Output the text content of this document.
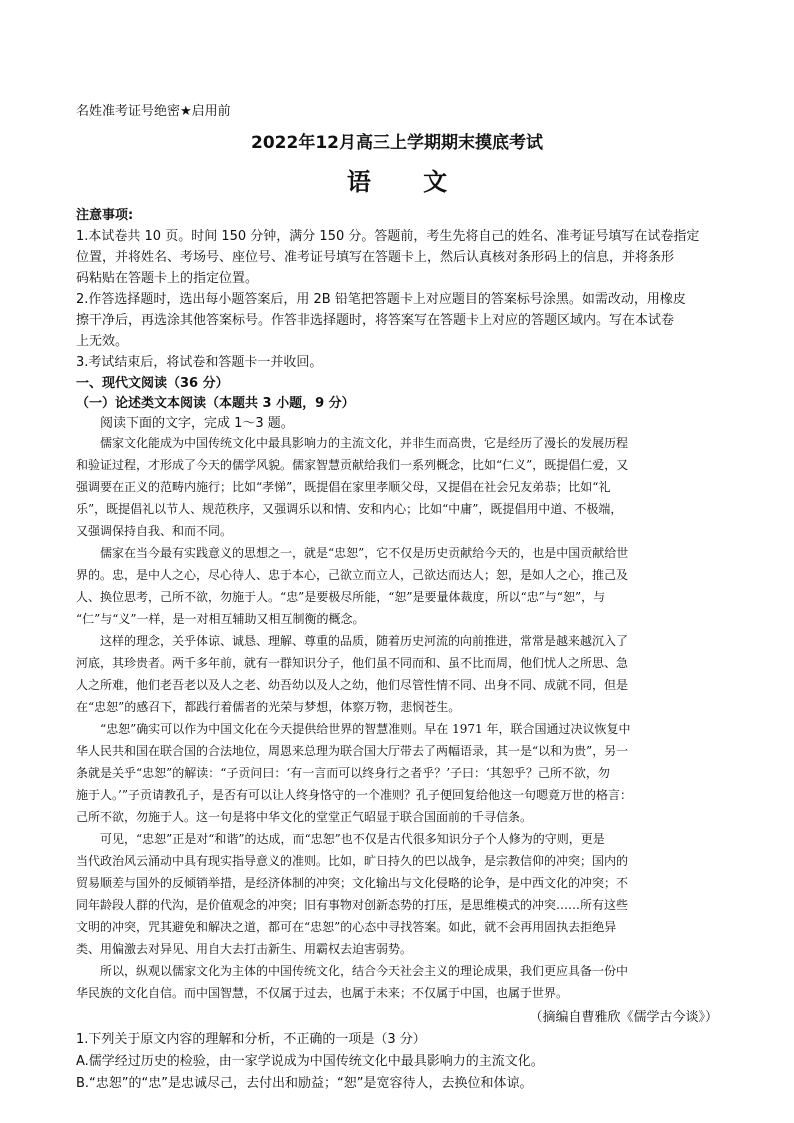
名姓准考证号绝密★启用前

2022年12月高三上学期期末摸底考试

语 文

注意事项:

1.本试卷共 10 页。时间 150 分钟，满分 150 分。答题前，考生先将自己的姓名、准考证号填写在试卷指定

位置，并将姓名、考场号、座位号、准考证号填写在答题卡上，然后认真核对条形码上的信息，并将条形

码粘贴在答题卡上的指定位置。

2.作答选择题时，选出每小题答案后，用 2B 铅笔把答题卡上对应题目的答案标号涂黑。如需改动，用橡皮

擦干净后，再选涂其他答案标号。作答非选择题时，将答案写在答题卡上对应的答题区域内。写在本试卷

上无效。

3.考试结束后，将试卷和答题卡一并收回。

一、现代文阅读（36 分）

（一）论述类文本阅读（本题共 3 小题，9 分）

阅读下面的文字，完成 1～3 题。

儒家文化能成为中国传统文化中最具影响力的主流文化，并非生而高贵，它是经历了漫长的发展历程

和验证过程，才形成了今天的儒学风貌。儒家智慧贡献给我们一系列概念，比如“仁义”，既提倡仁爱，又

强调要在正义的范畴内施行；比如“孝悌”，既提倡在家里孝顺父母，又提倡在社会兄友弟恭；比如“礼

乐”，既提倡礼以节人、规范秩序，又强调乐以和情、安和内心；比如“中庸”，既提倡用中道、不极端，

又强调保持自我、和而不同。

儒家在当今最有实践意义的思想之一，就是“忠恕”，它不仅是历史贡献给今天的，也是中国贡献给世

界的。忠，是中人之心，尽心待人、忠于本心，己欲立而立人，己欲达而达人；恕，是如人之心，推己及

人、换位思考，己所不欲，勿施于人。“忠”是要极尽所能，“恕”是要量体裁度，所以“忠”与“恕”，与

“仁”与“义”一样，是一对相互辅助又相互制衡的概念。

这样的理念，关乎体谅、诚恳、理解、尊重的品质，随着历史河流的向前推进，常常是越来越沉入了

河底，其珍贵者。两千多年前，就有一群知识分子，他们虽不同而和、虽不比而周，他们忧人之所思、急

人之所难，他们老吾老以及人之老、幼吾幼以及人之幼，他们尽管性情不同、出身不同、成就不同，但是

在“忠恕”的感召下，都践行着儒者的光荣与梦想，体察万物，悲悯苍生。

“忠恕”确实可以作为中国文化在今天提供给世界的智慧准则。早在 1971 年，联合国通过决议恢复中

华人民共和国在联合国的合法地位，周恩来总理为联合国大厅带去了两幅语录，其一是“以和为贵”，另一

条就是关乎“忠恕”的解读：“子贡问曰：‘有一言而可以终身行之者乎？’子曰：‘其恕乎？己所不欲，勿

施于人。’”子贡请教孔子，是否有可以让人终身恪守的一个准则？孔子便回复给他这一句嗯竟万世的格言：

己所不欲，勿施于人。这一句是将中华文化的堂堂正气昭显于联合国面前的千寻信条。

可见，“忠恕”正是对“和谐”的达成，而“忠恕”也不仅是古代很多知识分子个人修为的守则，更是

当代政治风云涌动中具有现实指导意义的准则。比如，旷日持久的巴以战争，是宗教信仰的冲突；国内的

贸易顺差与国外的反倾销举措，是经济体制的冲突；文化输出与文化侵略的论争，是中西文化的冲突；不

同年龄段人群的代沟，是价值观念的冲突；旧有事物对创新态势的打压，是思维模式的冲突……所有这些

文明的冲突，咒其避免和解决之道，都可在“忠恕”的心态中寻找答案。如此，就不会再用固执去拒绝异

类、用偏激去对异见、用自大去打击新生、用霸权去迫害弱势。

所以，纵观以儒家文化为主体的中国传统文化，结合今天社会主义的理论成果，我们更应具备一份中

华民族的文化自信。而中国智慧，不仅属于过去，也属于未来；不仅属于中国，也属于世界。

（摘编自曹雅欣《儒学古今谈》）

1.下列关于原文内容的理解和分析，不正确的一项是（3 分）

A.儒学经过历史的检验，由一家学说成为中国传统文化中最具影响力的主流文化。

B.“忠恕”的“忠”是忠诚尽己，去付出和励益；“恕”是宽容待人，去换位和体谅。
